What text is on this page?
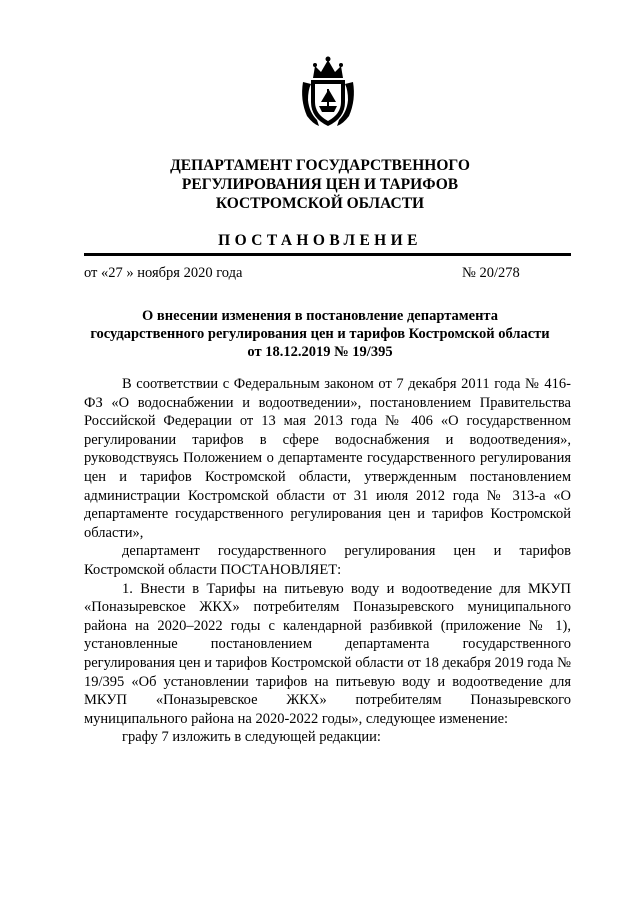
ДЕПАРТАМЕНТ ГОСУДАРСТВЕННОГО
РЕГУЛИРОВАНИЯ ЦЕН И ТАРИФОВ
КОСТРОМСКОЙ ОБЛАСТИ
ПОСТАНОВЛЕНИЕ
от «27 » ноября 2020 года	№ 20/278
О внесении изменения в постановление департамента
государственного регулирования цен и тарифов Костромской области
от 18.12.2019 № 19/395

В соответствии с Федеральным законом от 7 декабря 2011 года № 416-ФЗ «О водоснабжении и водоотведении», постановлением Правительства Российской Федерации от 13 мая 2013 года № 406 «О государственном регулировании тарифов в сфере водоснабжения и водоотведения», руководствуясь Положением о департаменте государственного регулирования цен и тарифов Костромской области, утвержденным постановлением администрации Костромской области от 31 июля 2012 года № 313-а «О департаменте государственного регулирования цен и тарифов Костромской области»,

департамент государственного регулирования цен и тарифов Костромской области ПОСТАНОВЛЯЕТ:

1. Внести в Тарифы на питьевую воду и водоотведение для МКУП «Поназыревское ЖКХ» потребителям Поназыревского муниципального района на 2020–2022 годы с календарной разбивкой (приложение № 1), установленные постановлением департамента государственного регулирования цен и тарифов Костромской области от 18 декабря 2019 года № 19/395 «Об установлении тарифов на питьевую воду и водоотведение для МКУП «Поназыревское ЖКХ» потребителям Поназыревского муниципального района на 2020-2022 годы», следующее изменение:

графу 7 изложить в следующей редакции:
